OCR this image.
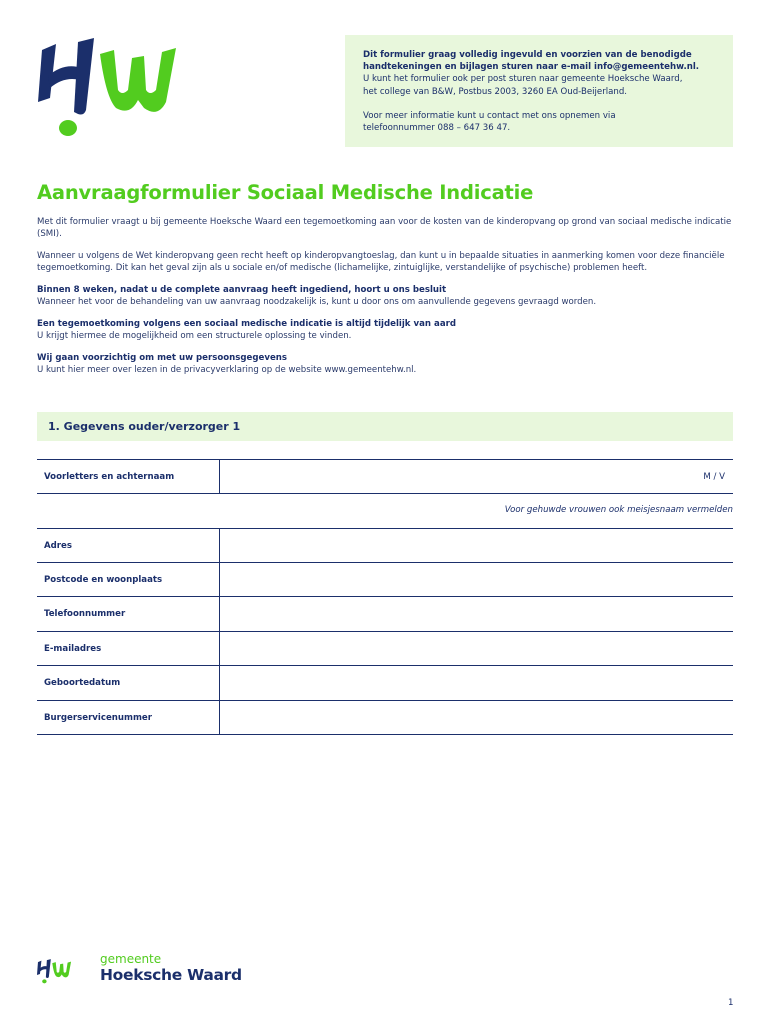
Dit formulier graag volledig ingevuld en voorzien van de benodigde

handtekeningen en bijlagen sturen naar e-mail info@gemeentehw.nl.

U kunt het formulier ook per post sturen naar gemeente Hoeksche Waard,

het college van B&W, Postbus 2003, 3260 EA Oud-Beijerland.

Voor meer informatie kunt u contact met ons opnemen via

telefoonnummer 088 – 647 36 47.

Aanvraagformulier Sociaal Medische Indicatie

Met dit formulier vraagt u bij gemeente Hoeksche Waard een tegemoetkoming aan voor de kosten van de kinderopvang op grond van sociaal medische indicatie (SMI).

Wanneer u volgens de Wet kinderopvang geen recht heeft op kinderopvangtoeslag, dan kunt u in bepaalde situaties in aanmerking komen voor deze financiële tegemoetkoming. Dit kan het geval zijn als u sociale en/of medische (lichamelijke, zintuiglijke, verstandelijke of psychische) problemen heeft.

Binnen 8 weken, nadat u de complete aanvraag heeft ingediend, hoort u ons besluit

Wanneer het voor de behandeling van uw aanvraag noodzakelijk is, kunt u door ons om aanvullende gegevens gevraagd worden.

Een tegemoetkoming volgens een sociaal medische indicatie is altijd tijdelijk van aard

U krijgt hiermee de mogelijkheid om een structurele oplossing te vinden.

Wij gaan voorzichtig om met uw persoonsgegevens

U kunt hier meer over lezen in de privacyverklaring op de website www.gemeentehw.nl.

1. Gegevens ouder/verzorger 1
Voorletters en achternaam	M / V
Voor gehuwde vrouwen ook meisjesnaam vermelden
Adres
Postcode en woonplaats
Telefoonnummer
E-mailadres
Geboortedatum
Burgerservicenummer
gemeente
Hoeksche Waard
1
